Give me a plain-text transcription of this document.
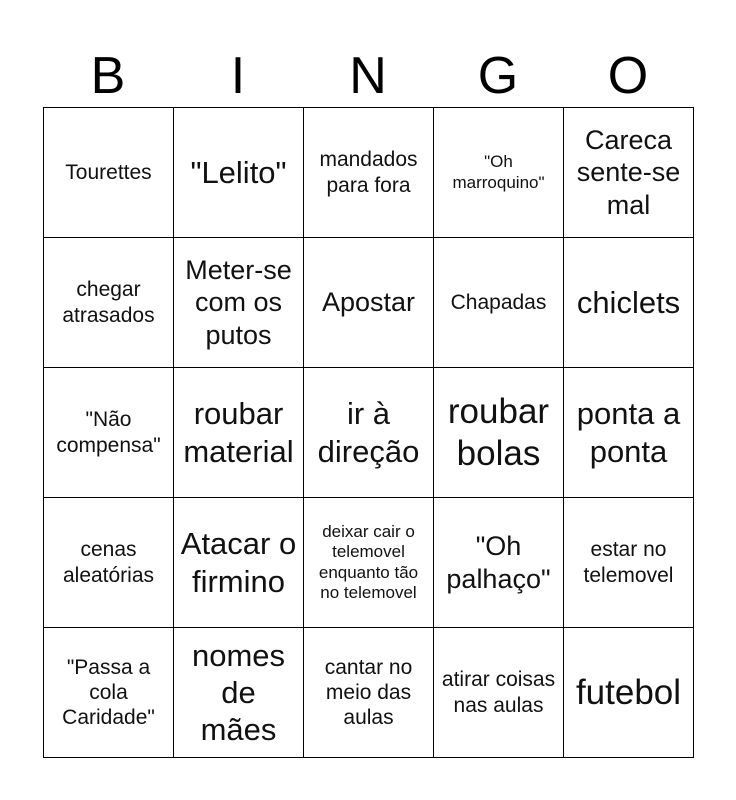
B	I	N	G	O
Tourettes	"Lelito"	mandados para fora	"Oh marroquino"	Careca sente-se mal
chegar atrasados	Meter-se com os putos	Apostar	Chapadas	chiclets
"Não compensa"	roubar material	ir à direção	roubar bolas	ponta a ponta
cenas aleatórias	Atacar o firmino	deixar cair o telemovel enquanto tão no telemovel	"Oh palhaço"	estar no telemovel
"Passa a cola Caridade"	nomes de mães	cantar no meio das aulas	atirar coisas nas aulas	futebol
